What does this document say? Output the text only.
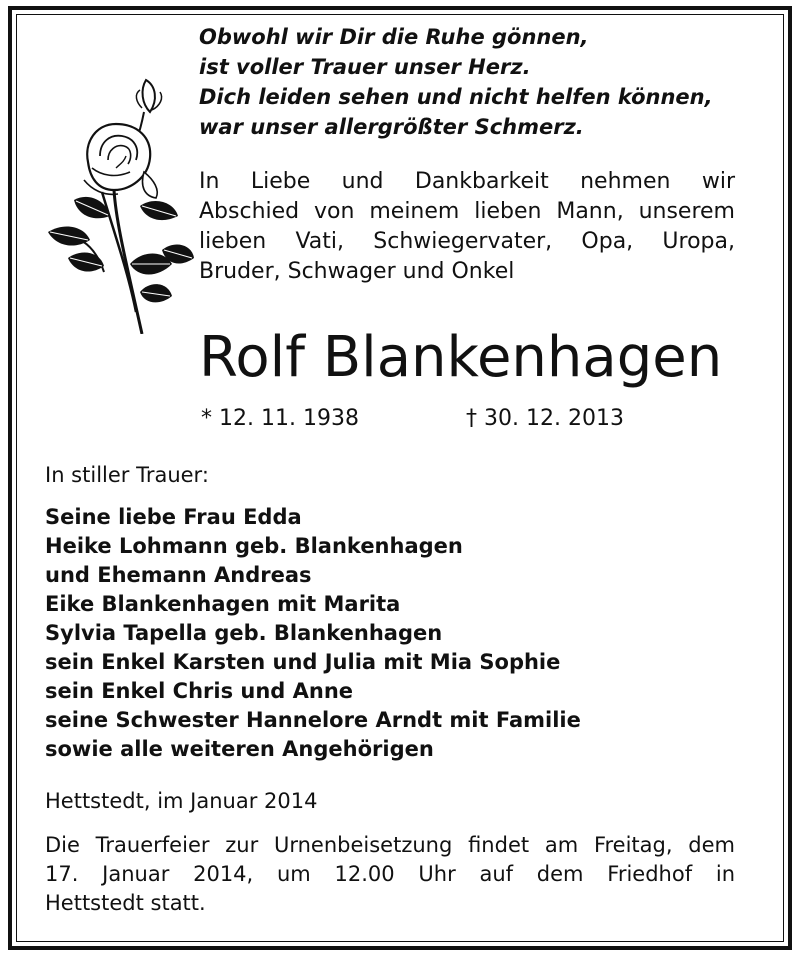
Obwohl wir Dir die Ruhe gönnen,
ist voller Trauer unser Herz.
Dich leiden sehen und nicht helfen können,
war unser allergrößter Schmerz.
In Liebe und Dankbarkeit nehmen wir
Abschied von meinem lieben Mann, unserem
lieben Vati, Schwiegervater, Opa, Uropa,
Bruder, Schwager und Onkel
Rolf Blankenhagen
* 12. 11. 1938	† 30. 12. 2013
In stiller Trauer:
Seine liebe Frau Edda
Heike Lohmann geb. Blankenhagen
und Ehemann Andreas
Eike Blankenhagen mit Marita
Sylvia Tapella geb. Blankenhagen
sein Enkel Karsten und Julia mit Mia Sophie
sein Enkel Chris und Anne
seine Schwester Hannelore Arndt mit Familie
sowie alle weiteren Angehörigen
Hettstedt, im Januar 2014
Die Trauerfeier zur Urnenbeisetzung findet am Freitag, dem
17. Januar 2014, um 12.00 Uhr auf dem Friedhof in
Hettstedt statt.
